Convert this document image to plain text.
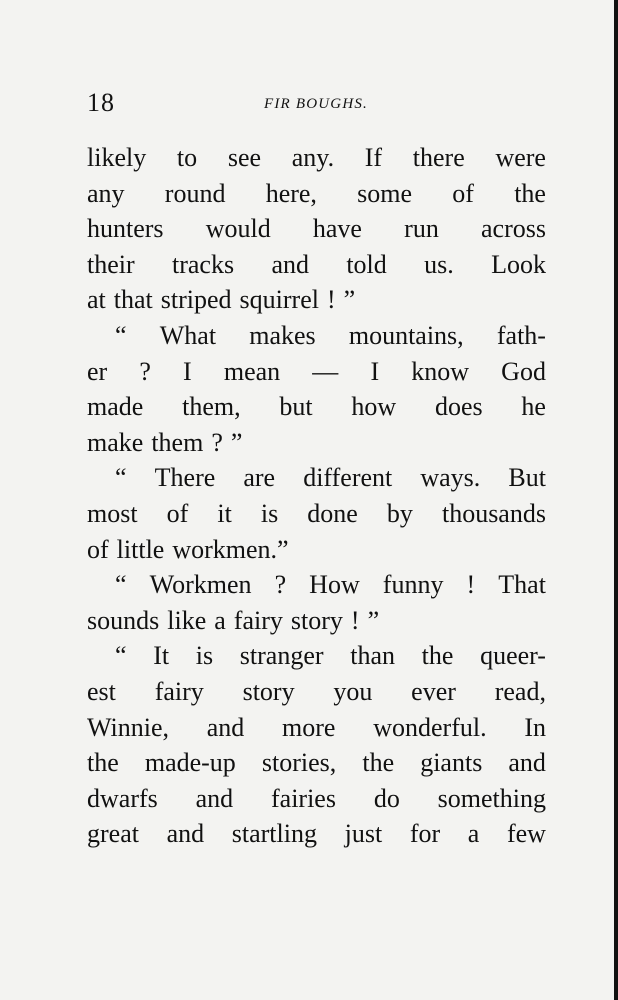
18	FIR BOUGHS.
likely to see any. If there were
any round here, some of the
hunters would have run across
their tracks and told us. Look
at that striped squirrel ! ”
“ What makes mountains, fath-
er ? I mean — I know God
made them, but how does he
make them ? ”
“ There are different ways. But
most of it is done by thousands
of little workmen.”
“ Workmen ? How funny ! That
sounds like a fairy story ! ”
“ It is stranger than the queer-
est fairy story you ever read,
Winnie, and more wonderful. In
the made-up stories, the giants and
dwarfs and fairies do something
great and startling just for a few
